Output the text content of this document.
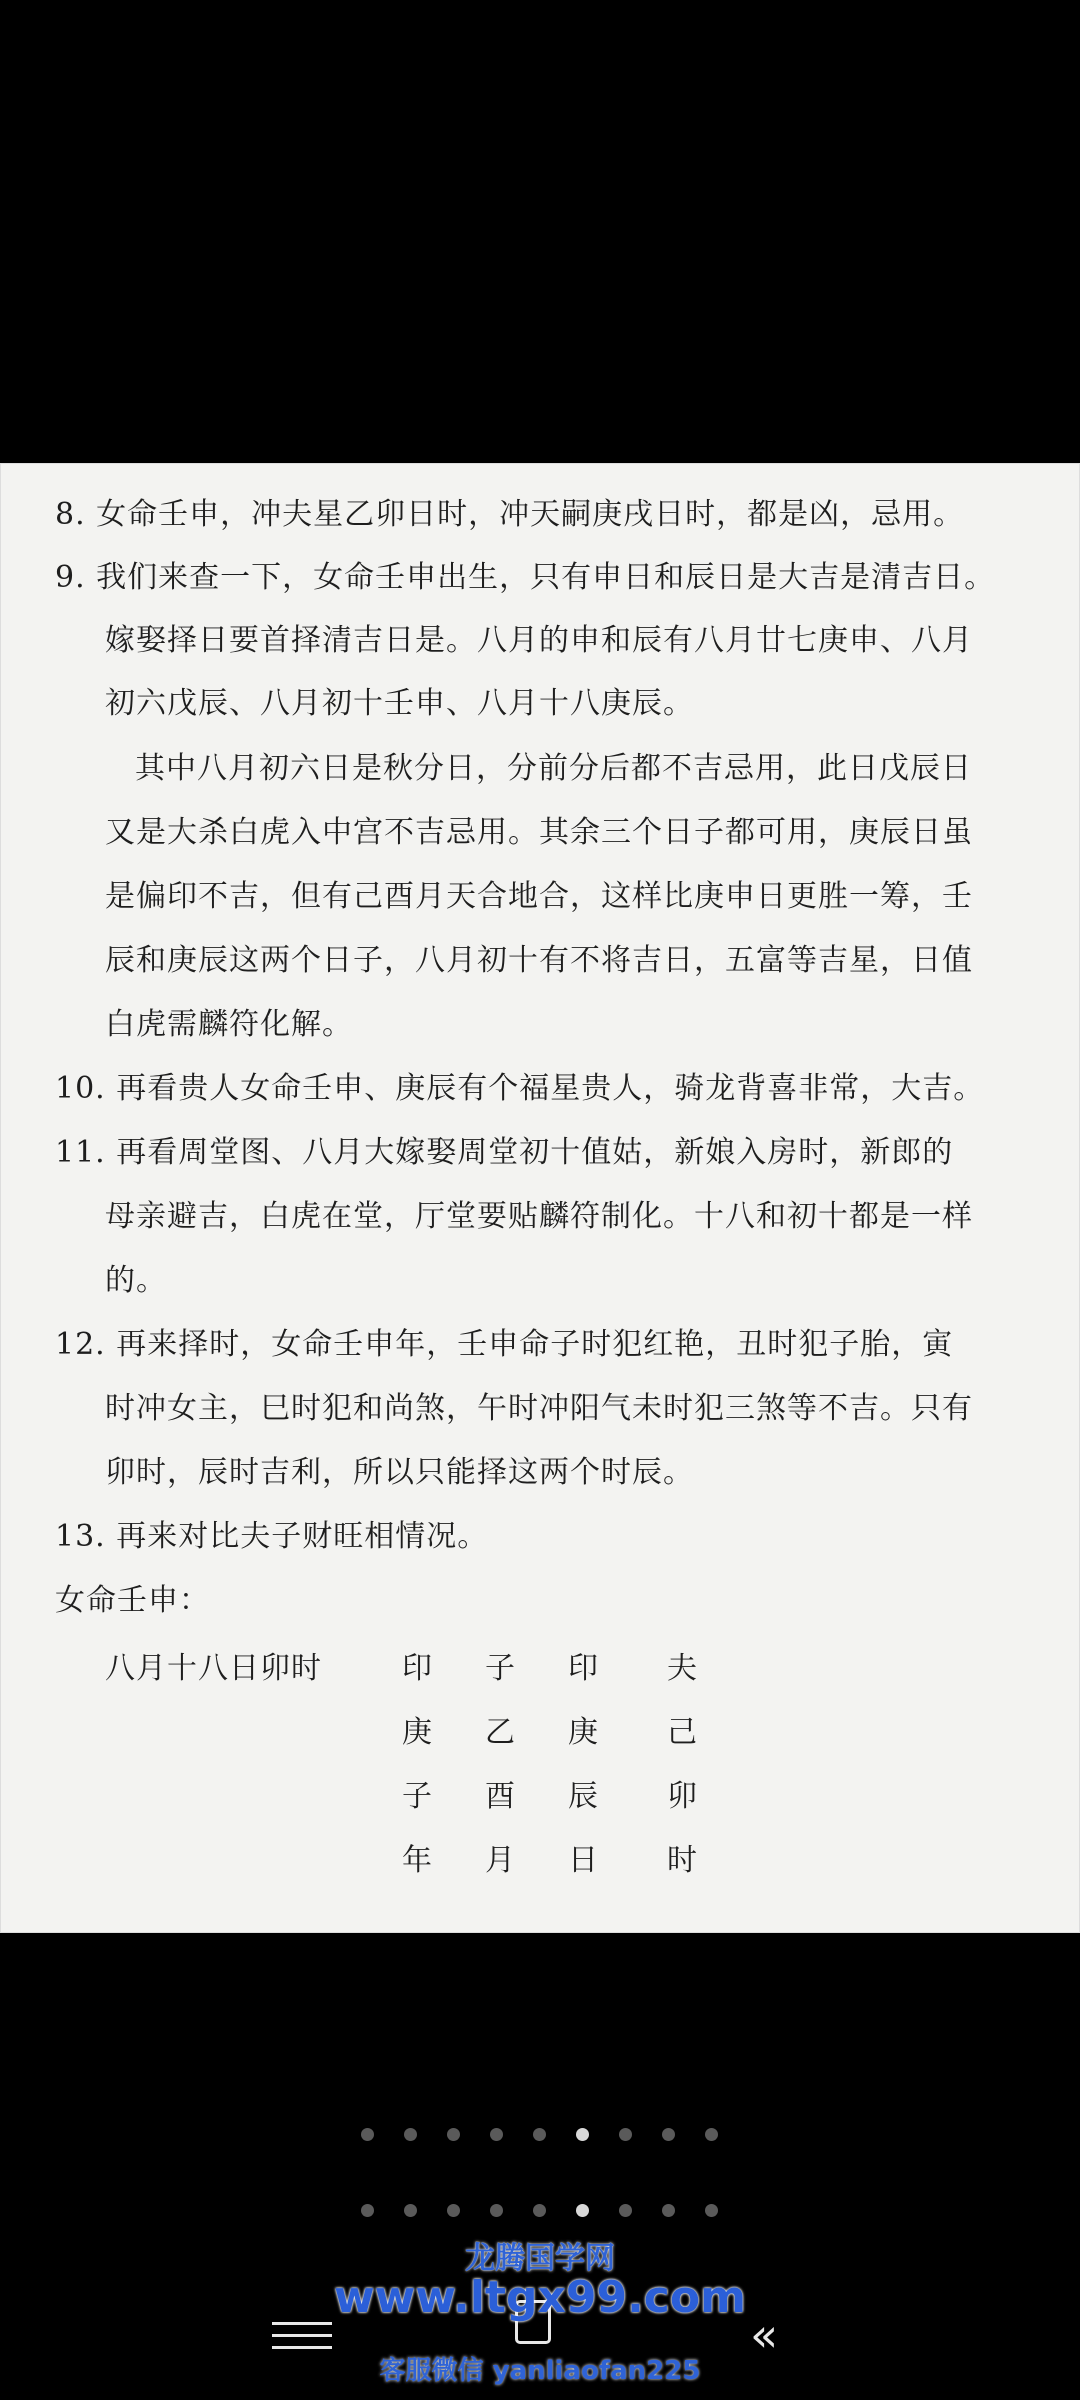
8. 女命壬申，冲夫星乙卯日时，冲天嗣庚戌日时，都是凶，忌用。
9. 我们来查一下，女命壬申出生，只有申日和辰日是大吉是清吉日。
嫁娶择日要首择清吉日是。八月的申和辰有八月廿七庚申、八月
初六戊辰、八月初十壬申、八月十八庚辰。
其中八月初六日是秋分日，分前分后都不吉忌用，此日戊辰日
又是大杀白虎入中宫不吉忌用。其余三个日子都可用，庚辰日虽
是偏印不吉，但有己酉月天合地合，这样比庚申日更胜一筹，壬
辰和庚辰这两个日子，八月初十有不将吉日，五富等吉星，日值
白虎需麟符化解。
10. 再看贵人女命壬申、庚辰有个福星贵人，骑龙背喜非常，大吉。
11. 再看周堂图、八月大嫁娶周堂初十值姑，新娘入房时，新郎的
母亲避吉，白虎在堂，厅堂要贴麟符制化。十八和初十都是一样
的。
12. 再来择时，女命壬申年，壬申命子时犯红艳，丑时犯子胎，寅
时冲女主，巳时犯和尚煞，午时冲阳气未时犯三煞等不吉。只有
卯时，辰时吉利，所以只能择这两个时辰。
13. 再来对比夫子财旺相情况。
女命壬申：
八月十八日卯时	印 子 印 夫
庚 乙 庚 己
子 酉 辰 卯
年 月 日 时
«
龙腾国学网
www.ltgx99.com
客服微信 yanliaofan225
